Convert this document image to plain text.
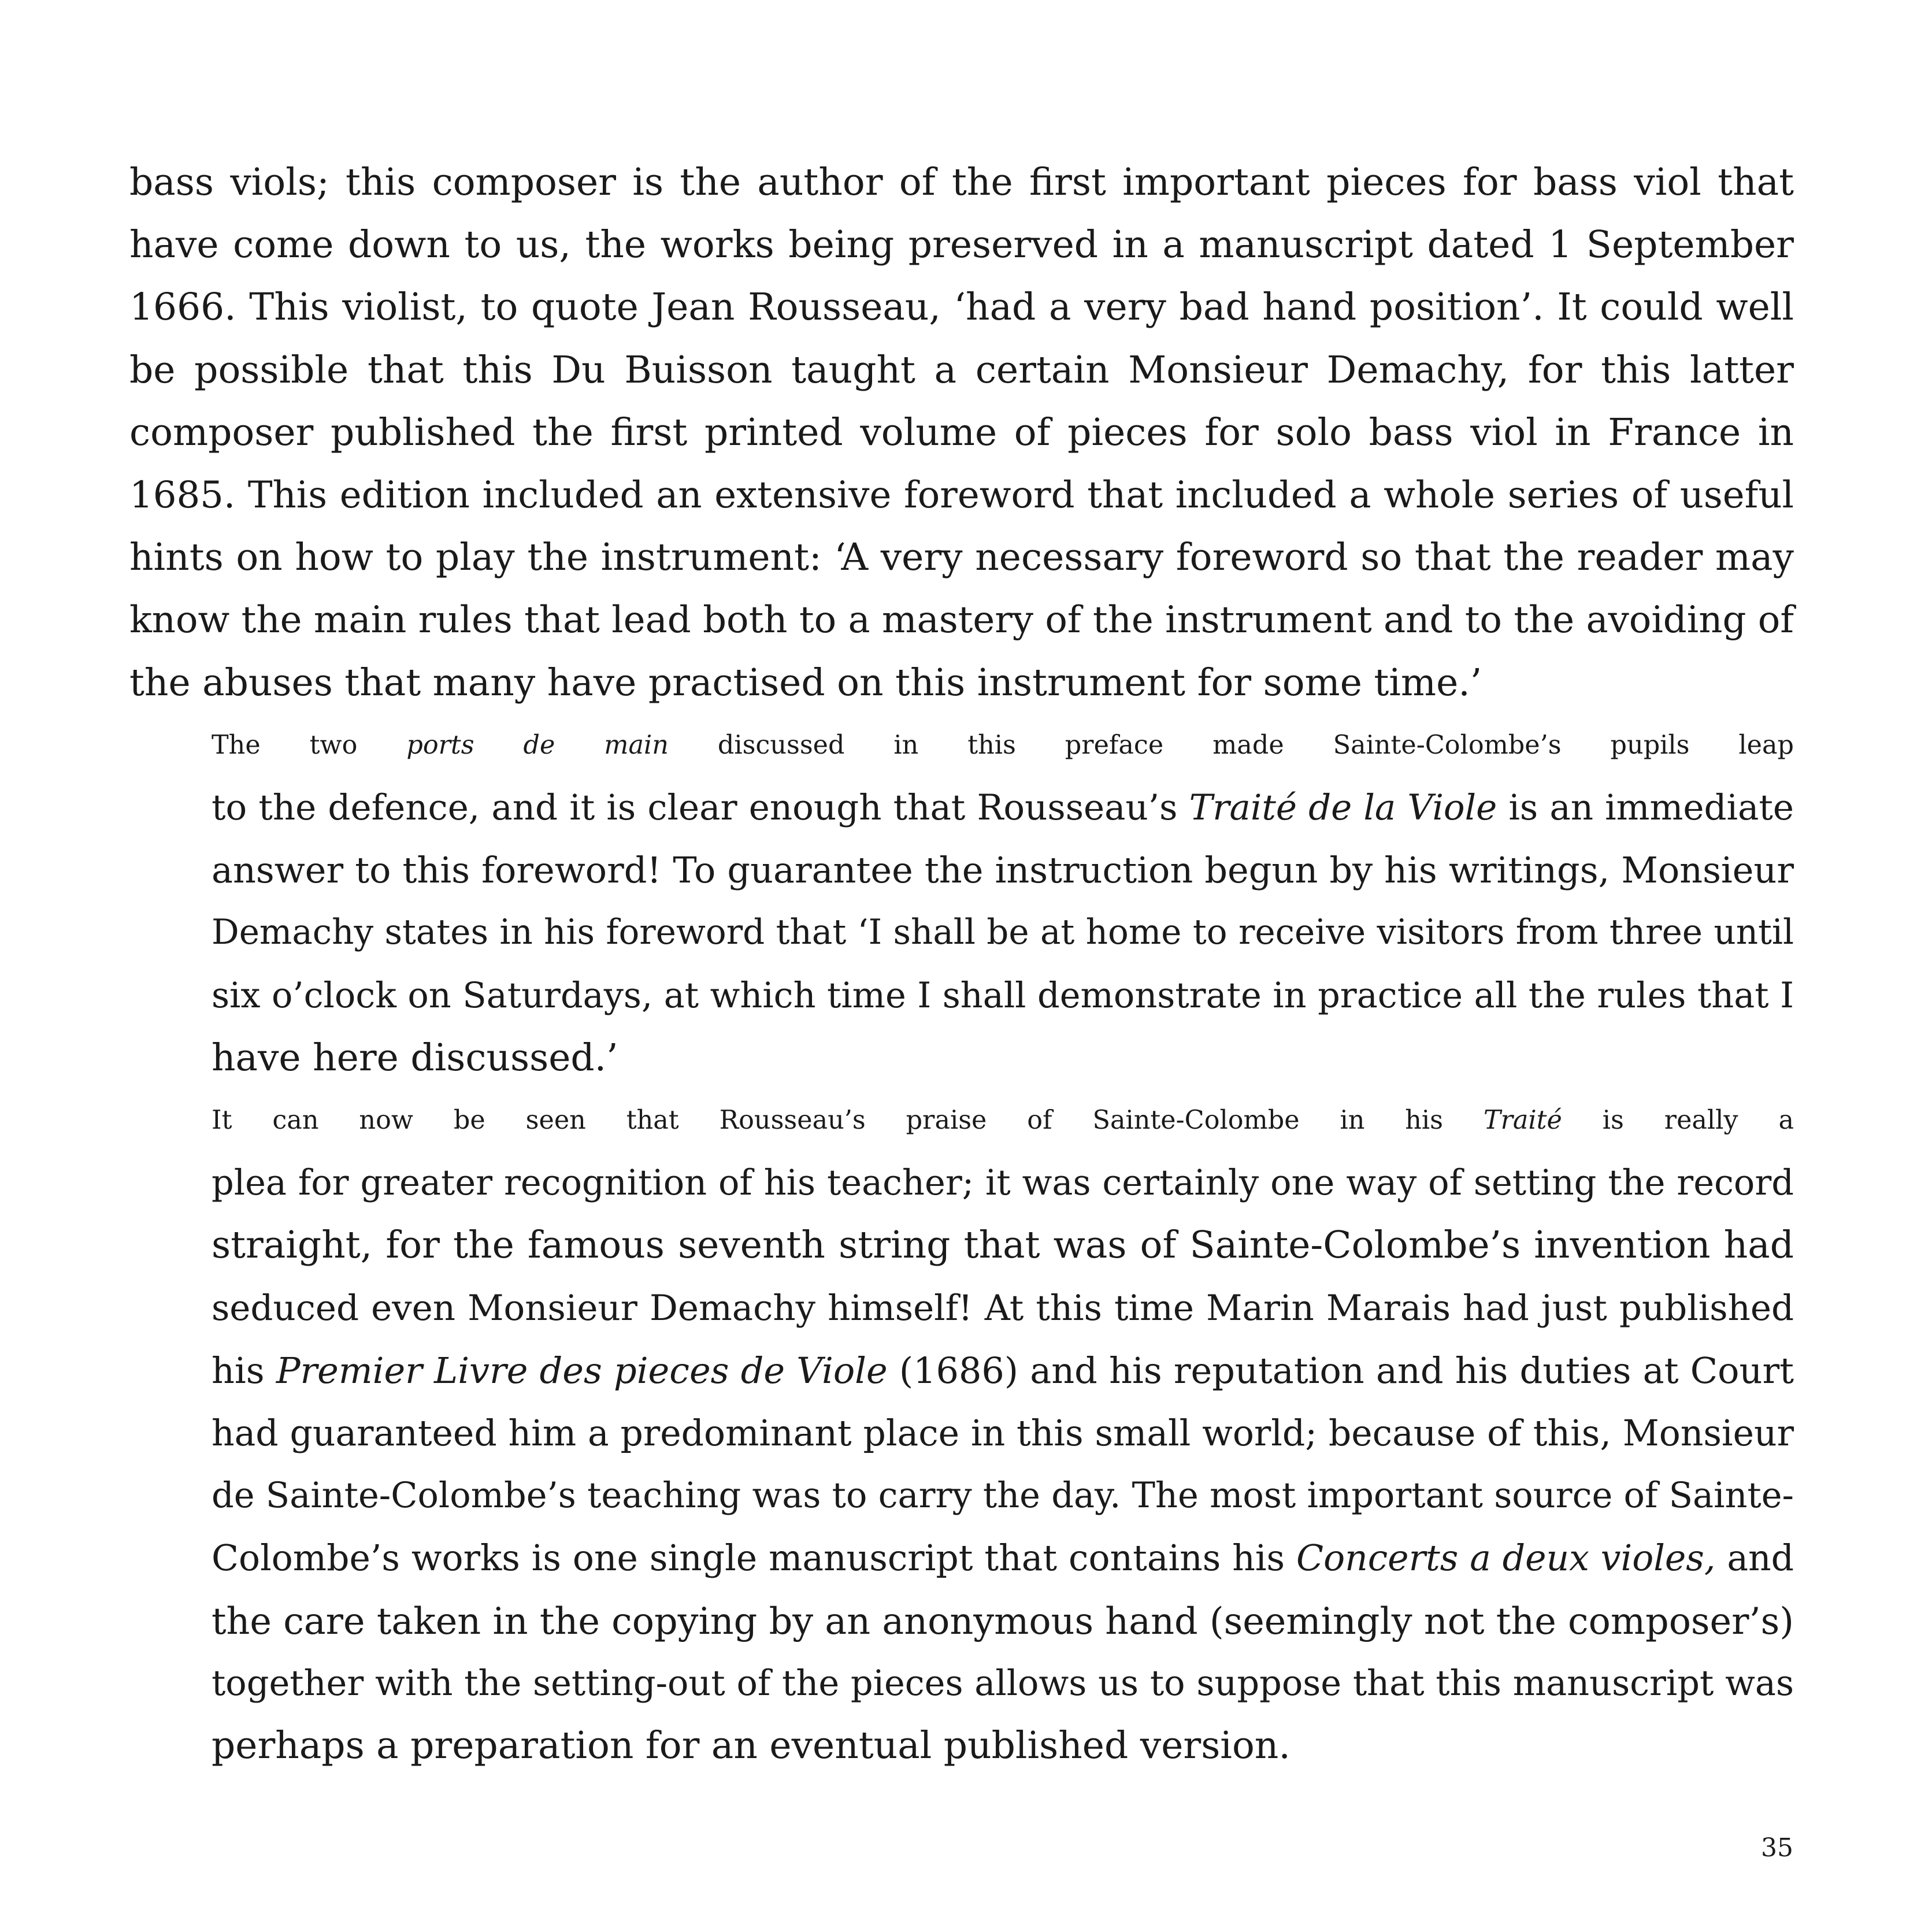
bass viols; this composer is the author of the first important pieces for bass viol that
have come down to us, the works being preserved in a manuscript dated 1 September
1666. This violist, to quote Jean Rousseau, ‘had a very bad hand position’. It could well
be possible that this Du Buisson taught a certain Monsieur Demachy, for this latter
composer published the first printed volume of pieces for solo bass viol in France in
1685. This edition included an extensive foreword that included a whole series of useful
hints on how to play the instrument: ‘A very necessary foreword so that the reader may
know the main rules that lead both to a mastery of the instrument and to the avoiding of
the abuses that many have practised on this instrument for some time.’
The two ports de main discussed in this preface made Sainte-Colombe’s pupils leap
to the defence, and it is clear enough that Rousseau’s Traité de la Viole is an immediate
answer to this foreword! To guarantee the instruction begun by his writings, Monsieur
Demachy states in his foreword that ‘I shall be at home to receive visitors from three until
six o’clock on Saturdays, at which time I shall demonstrate in practice all the rules that I
have here discussed.’
It can now be seen that Rousseau’s praise of Sainte-Colombe in his Traité is really a
plea for greater recognition of his teacher; it was certainly one way of setting the record
straight, for the famous seventh string that was of Sainte-Colombe’s invention had
seduced even Monsieur Demachy himself! At this time Marin Marais had just published
his Premier Livre des pieces de Viole (1686) and his reputation and his duties at Court
had guaranteed him a predominant place in this small world; because of this, Monsieur
de Sainte-Colombe’s teaching was to carry the day. The most important source of Sainte-
Colombe’s works is one single manuscript that contains his Concerts a deux violes, and
the care taken in the copying by an anonymous hand (seemingly not the composer’s)
together with the setting-out of the pieces allows us to suppose that this manuscript was
perhaps a preparation for an eventual published version.
35
